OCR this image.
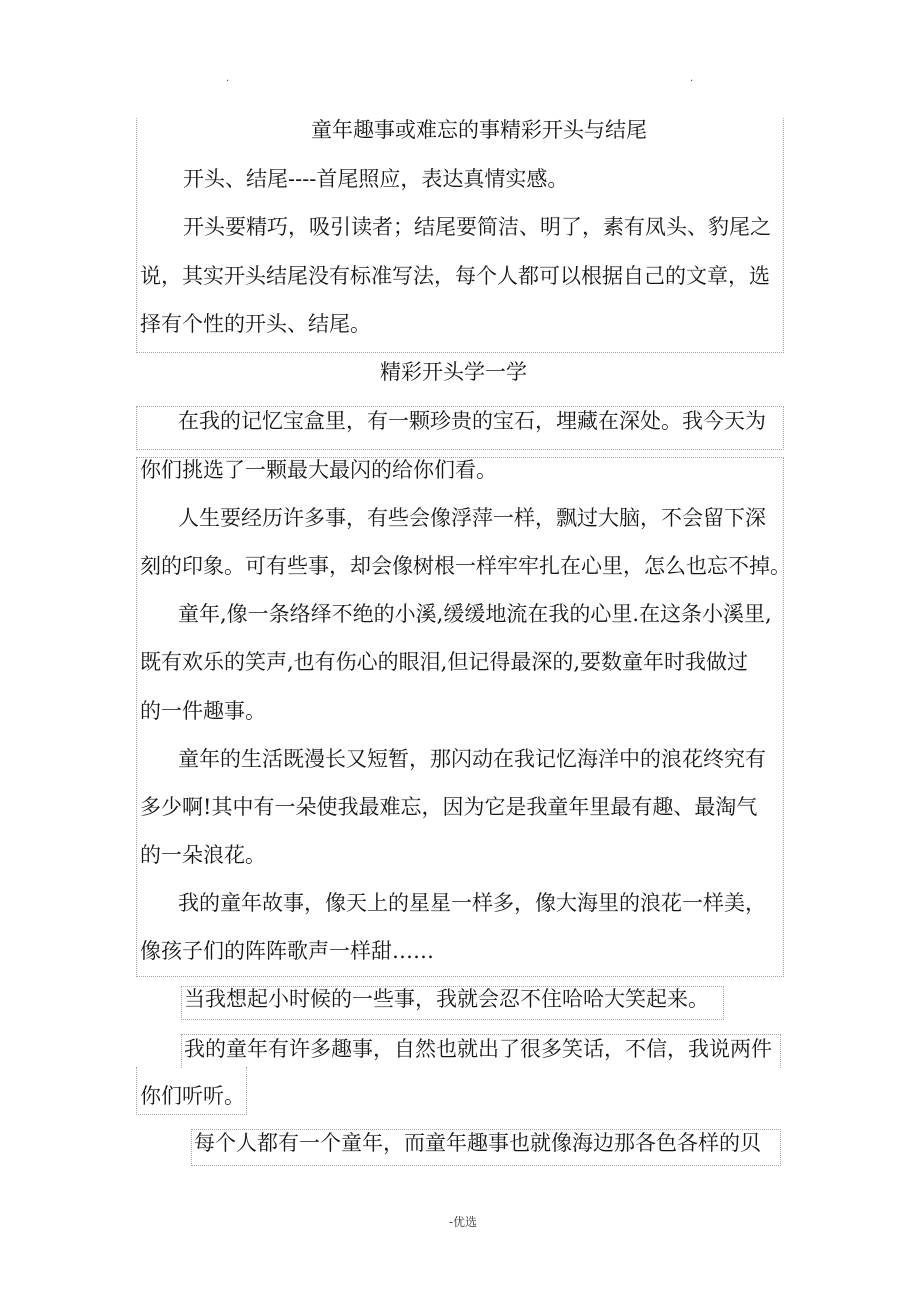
.	.
童年趣事或难忘的事精彩开头与结尾
开头、结尾----首尾照应，表达真情实感。
开头要精巧，吸引读者；结尾要简洁、明了，素有凤头、豹尾之
说，其实开头结尾没有标准写法，每个人都可以根据自己的文章，选
择有个性的开头、结尾。
精彩开头学一学
在我的记忆宝盒里，有一颗珍贵的宝石，埋藏在深处。我今天为
你们挑选了一颗最大最闪的给你们看。
人生要经历许多事，有些会像浮萍一样，飘过大脑，不会留下深
刻的印象。可有些事，却会像树根一样牢牢扎在心里，怎么也忘不掉。
童年,像一条络绎不绝的小溪,缓缓地流在我的心里.在这条小溪里,
既有欢乐的笑声,也有伤心的眼泪,但记得最深的,要数童年时我做过
的一件趣事。
童年的生活既漫长又短暂，那闪动在我记忆海洋中的浪花终究有
多少啊!其中有一朵使我最难忘，因为它是我童年里最有趣、最淘气
的一朵浪花。
我的童年故事，像天上的星星一样多，像大海里的浪花一样美，
像孩子们的阵阵歌声一样甜……
当我想起小时候的一些事，我就会忍不住哈哈大笑起来。
我的童年有许多趣事，自然也就出了很多笑话，不信，我说两件
你们听听。
每个人都有一个童年，而童年趣事也就像海边那各色各样的贝
-优选
